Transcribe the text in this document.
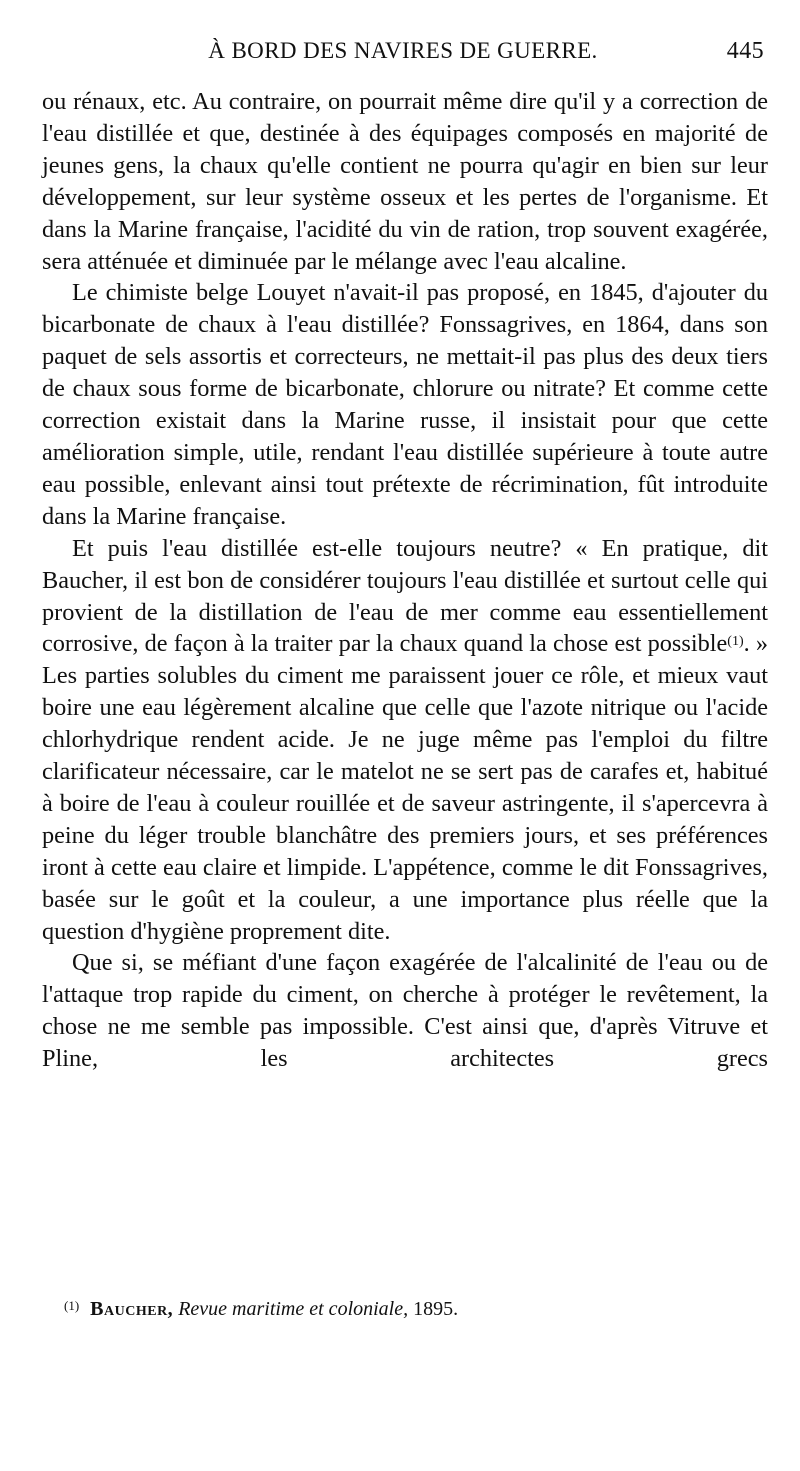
À BORD DES NAVIRES DE GUERRE.	445

ou rénaux, etc. Au contraire, on pourrait même dire qu'il y a correction de l'eau distillée et que, destinée à des équipages composés en majorité de jeunes gens, la chaux qu'elle contient ne pourra qu'agir en bien sur leur développement, sur leur système osseux et les pertes de l'organisme. Et dans la Marine française, l'acidité du vin de ration, trop souvent exagérée, sera atténuée et diminuée par le mélange avec l'eau alcaline.

Le chimiste belge Louyet n'avait-il pas proposé, en 1845, d'ajouter du bicarbonate de chaux à l'eau distillée? Fonssagrives, en 1864, dans son paquet de sels assortis et correcteurs, ne mettait-il pas plus des deux tiers de chaux sous forme de bicarbonate, chlorure ou nitrate? Et comme cette correction existait dans la Marine russe, il insistait pour que cette amélioration simple, utile, rendant l'eau distillée supérieure à toute autre eau possible, enlevant ainsi tout prétexte de récrimination, fût introduite dans la Marine française.

Et puis l'eau distillée est-elle toujours neutre? « En pratique, dit Baucher, il est bon de considérer toujours l'eau distillée et surtout celle qui provient de la distillation de l'eau de mer comme eau essentiellement corrosive, de façon à la traiter par la chaux quand la chose est possible$^{(1)}$. » Les parties solubles du ciment me paraissent jouer ce rôle, et mieux vaut boire une eau légèrement alcaline que celle que l'azote nitrique ou l'acide chlorhydrique rendent acide. Je ne juge même pas l'emploi du filtre clarificateur nécessaire, car le matelot ne se sert pas de carafes et, habitué à boire de l'eau à couleur rouillée et de saveur astringente, il s'apercevra à peine du léger trouble blanchâtre des premiers jours, et ses préférences iront à cette eau claire et limpide. L'appétence, comme le dit Fonssagrives, basée sur le goût et la couleur, a une importance plus réelle que la question d'hygiène proprement dite.

Que si, se méfiant d'une façon exagérée de l'alcalinité de l'eau ou de l'attaque trop rapide du ciment, on cherche à protéger le revêtement, la chose ne me semble pas impossible. C'est ainsi que, d'après Vitruve et Pline, les architectes grecs

$^{(1)}$ Baucher, Revue maritime et coloniale, 1895.
